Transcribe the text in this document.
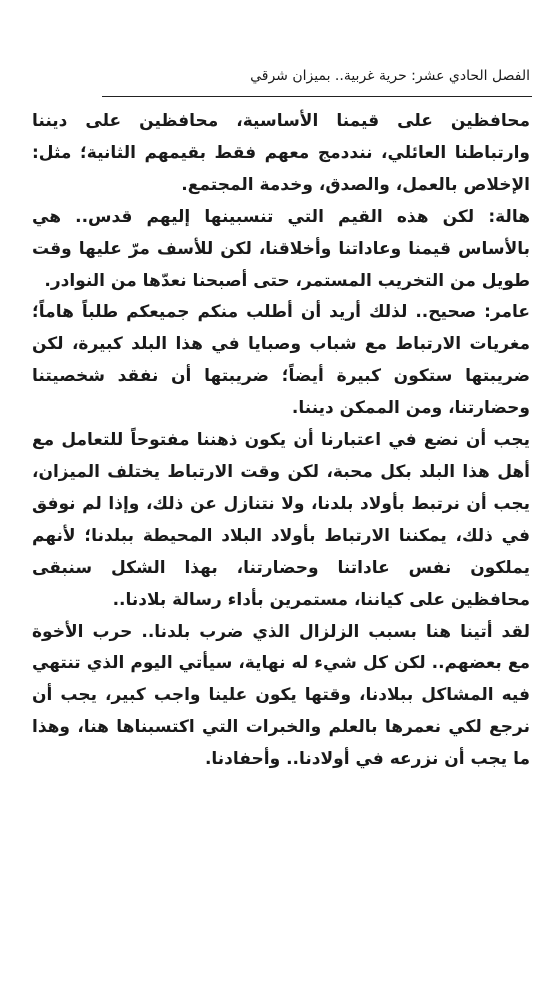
الفصل الحادي عشر: حرية غربية.. بميزان شرقي

محافظين على قيمنا الأساسية، محافظين على ديننا وارتباطنا العائلي، ننددمج معهم فقط بقيمهم الثانية؛ مثل: الإخلاص بالعمل، والصدق، وخدمة المجتمع.

هالة: لكن هذه القيم التي تنسبينها إليهم قدس.. هي بالأساس قيمنا وعاداتنا وأخلاقنا، لكن للأسف مرّ عليها وقت طويل من التخريب المستمر، حتى أصبحنا نعدّها من النوادر.

عامر: صحيح.. لذلك أريد أن أطلب منكم جميعكم طلباً هاماً؛ مغريات الارتباط مع شباب وصبايا في هذا البلد كبيرة، لكن ضريبتها ستكون كبيرة أيضاً؛ ضريبتها أن نفقد شخصيتنا وحضارتنا، ومن الممكن ديننا.

يجب أن نضع في اعتبارنا أن يكون ذهننا مفتوحاً للتعامل مع أهل هذا البلد بكل محبة، لكن وقت الارتباط يختلف الميزان، يجب أن نرتبط بأولاد بلدنا، ولا نتنازل عن ذلك، وإذا لم نوفق في ذلك، يمكننا الارتباط بأولاد البلاد المحيطة ببلدنا؛ لأنهم يملكون نفس عاداتنا وحضارتنا، بهذا الشكل سنبقى محافظين على كياننا، مستمرين بأداء رسالة بلادنا..

لقد أتينا هنا بسبب الزلزال الذي ضرب بلدنا.. حرب الأخوة مع بعضهم.. لكن كل شيء له نهاية، سيأتي اليوم الذي تنتهي فيه المشاكل ببلادنا، وقتها يكون علينا واجب كبير، يجب أن نرجع لكي نعمرها بالعلم والخبرات التي اكتسبناها هنا، وهذا ما يجب أن نزرعه في أولادنا.. وأحفادنا.
